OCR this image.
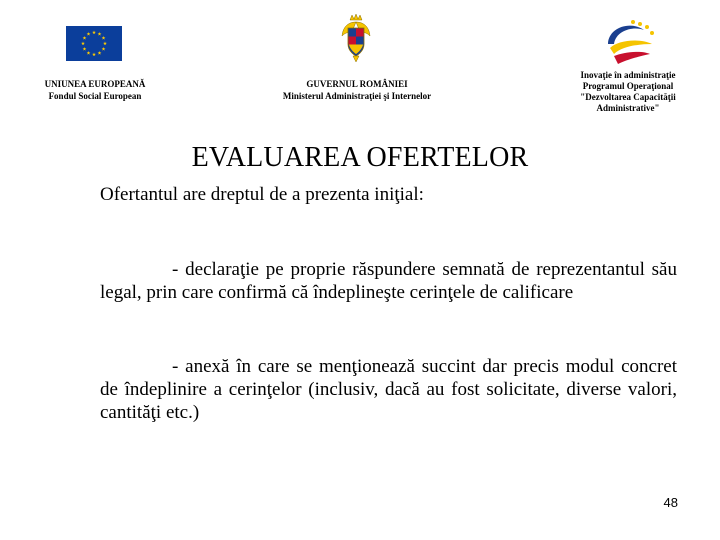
UNIUNEA EUROPEANĂ
Fondul Social European
GUVERNUL ROMÂNIEI
Ministerul Administraţiei şi Internelor
Inovaţie în administraţie
Programul Operaţional
"Dezvoltarea Capacităţii
Administrative"
EVALUAREA OFERTELOR
Ofertantul are dreptul de a prezenta iniţial:
- declaraţie pe proprie răspundere semnată de reprezentantul său legal, prin care confirmă că îndeplineşte cerinţele de calificare
- anexă în care se menţionează succint dar precis modul concret de îndeplinire a cerinţelor (inclusiv, dacă au fost solicitate, diverse valori, cantităţi etc.)
48
